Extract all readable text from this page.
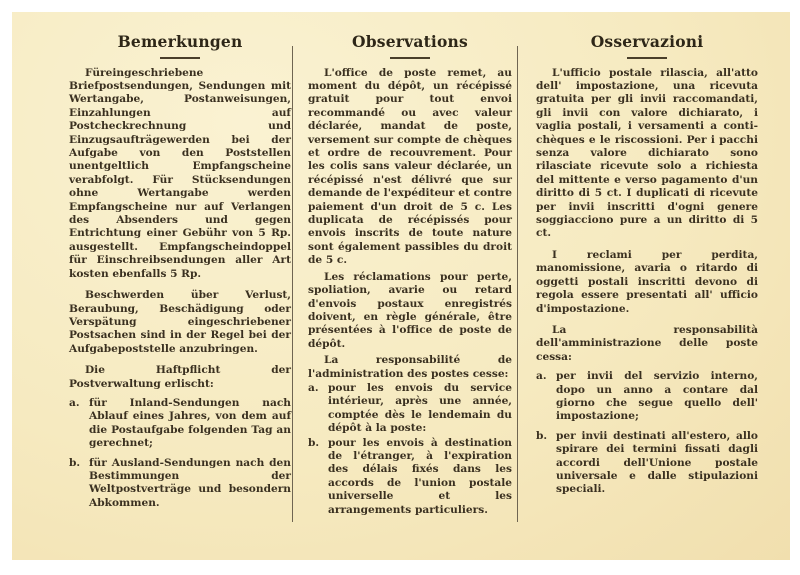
Bemerkungen

Füreingeschriebene Briefpostsendungen, Sendungen mit Wertangabe, Postanweisungen, Einzahlungen auf Postcheckrechnung und Einzugsaufträgewerden bei der Aufgabe von den Poststellen unentgeltlich Empfangscheine verabfolgt. Für Stücksendungen ohne Wertangabe werden Empfangscheine nur auf Verlangen des Absenders und gegen Entrichtung einer Gebühr von 5 Rp. ausgestellt. Empfangscheindoppel für Einschreibsendungen aller Art kosten ebenfalls 5 Rp.

Beschwerden über Verlust, Beraubung, Beschädigung oder Verspätung eingeschriebener Postsachen sind in der Regel bei der Aufgabepoststelle anzubringen.

Die Haftpflicht der Postverwaltung erlischt:

a. für Inland-Sendungen nach Ablauf eines Jahres, von dem auf die Postaufgabe folgenden Tag an gerechnet;
b. für Ausland-Sendungen nach den Bestimmungen der Weltpostverträge und besondern Abkommen.
Observations

L'office de poste remet, au moment du dépôt, un récépissé gratuit pour tout envoi recommandé ou avec valeur déclarée, mandat de poste, versement sur compte de chèques et ordre de recouvrement. Pour les colis sans valeur déclarée, un récépissé n'est délivré que sur demande de l'expéditeur et contre paiement d'un droit de 5 c. Les duplicata de récépissés pour envois inscrits de toute nature sont également passibles du droit de 5 c.

Les réclamations pour perte, spoliation, avarie ou retard d'envois postaux enregistrés doivent, en règle générale, être présentées à l'office de poste de dépôt.

La responsabilité de l'administration des postes cesse:

a. pour les envois du service intérieur, après une année, comptée dès le lendemain du dépôt à la poste:
b. pour les envois à destination de l'étranger, à l'expiration des délais fixés dans les accords de l'union postale universelle et les arrangements particuliers.
Osservazioni

L'ufficio postale rilascia, all'atto dell' impostazione, una ricevuta gratuita per gli invii raccomandati, gli invii con valore dichiarato, i vaglia postali, i versamenti a conti-chèques e le riscossioni. Per i pacchi senza valore dichiarato sono rilasciate ricevute solo a richiesta del mittente e verso pagamento d'un diritto di 5 ct. I duplicati di ricevute per invii inscritti d'ogni genere soggiacciono pure a un diritto di 5 ct.

I reclami per perdita, manomissione, avaria o ritardo di oggetti postali inscritti devono di regola essere presentati all' ufficio d'impostazione.

La responsabilità dell'amministrazione delle poste cessa:

a. per invii del servizio interno, dopo un anno a contare dal giorno che segue quello dell' impostazione;
b. per invii destinati all'estero, allo spirare dei termini fissati dagli accordi dell'Unione postale universale e dalle stipulazioni speciali.
